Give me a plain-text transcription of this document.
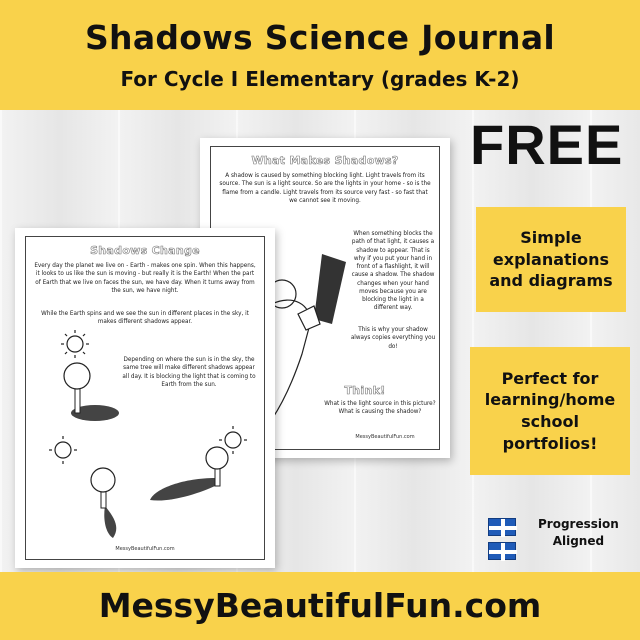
Shadows Science Journal
For Cycle I Elementary (grades K-2)
FREE
What Makes Shadows?
A shadow is caused by something blocking light. Light travels from its source. The sun is a light source. So are the lights in your home - so is the flame from a candle. Light travels from its source very fast - so fast that we cannot see it moving.
When something blocks the path of that light, it causes a shadow to appear. That is why if you put your hand in front of a flashlight, it will cause a shadow. The shadow changes when your hand moves because you are blocking the light in a different way.
This is why your shadow always copies everything you do!
Think!
What is the light source in this picture? What is causing the shadow?
MessyBeautifulFun.com
Shadows Change
Every day the planet we live on - Earth - makes one spin. When this happens, it looks to us like the sun is moving - but really it is the Earth! When the part of Earth that we live on faces the sun, we have day. When it turns away from the sun, we have night.
While the Earth spins and we see the sun in different places in the sky, it makes different shadows appear.
Depending on where the sun is in the sky, the same tree will make different shadows appear all day. It is blocking the light that is coming to Earth from the sun.
MessyBeautifulFun.com
Simple explanations and diagrams
Perfect for learning/home school portfolios!
Progression
Aligned
MessyBeautifulFun.com
